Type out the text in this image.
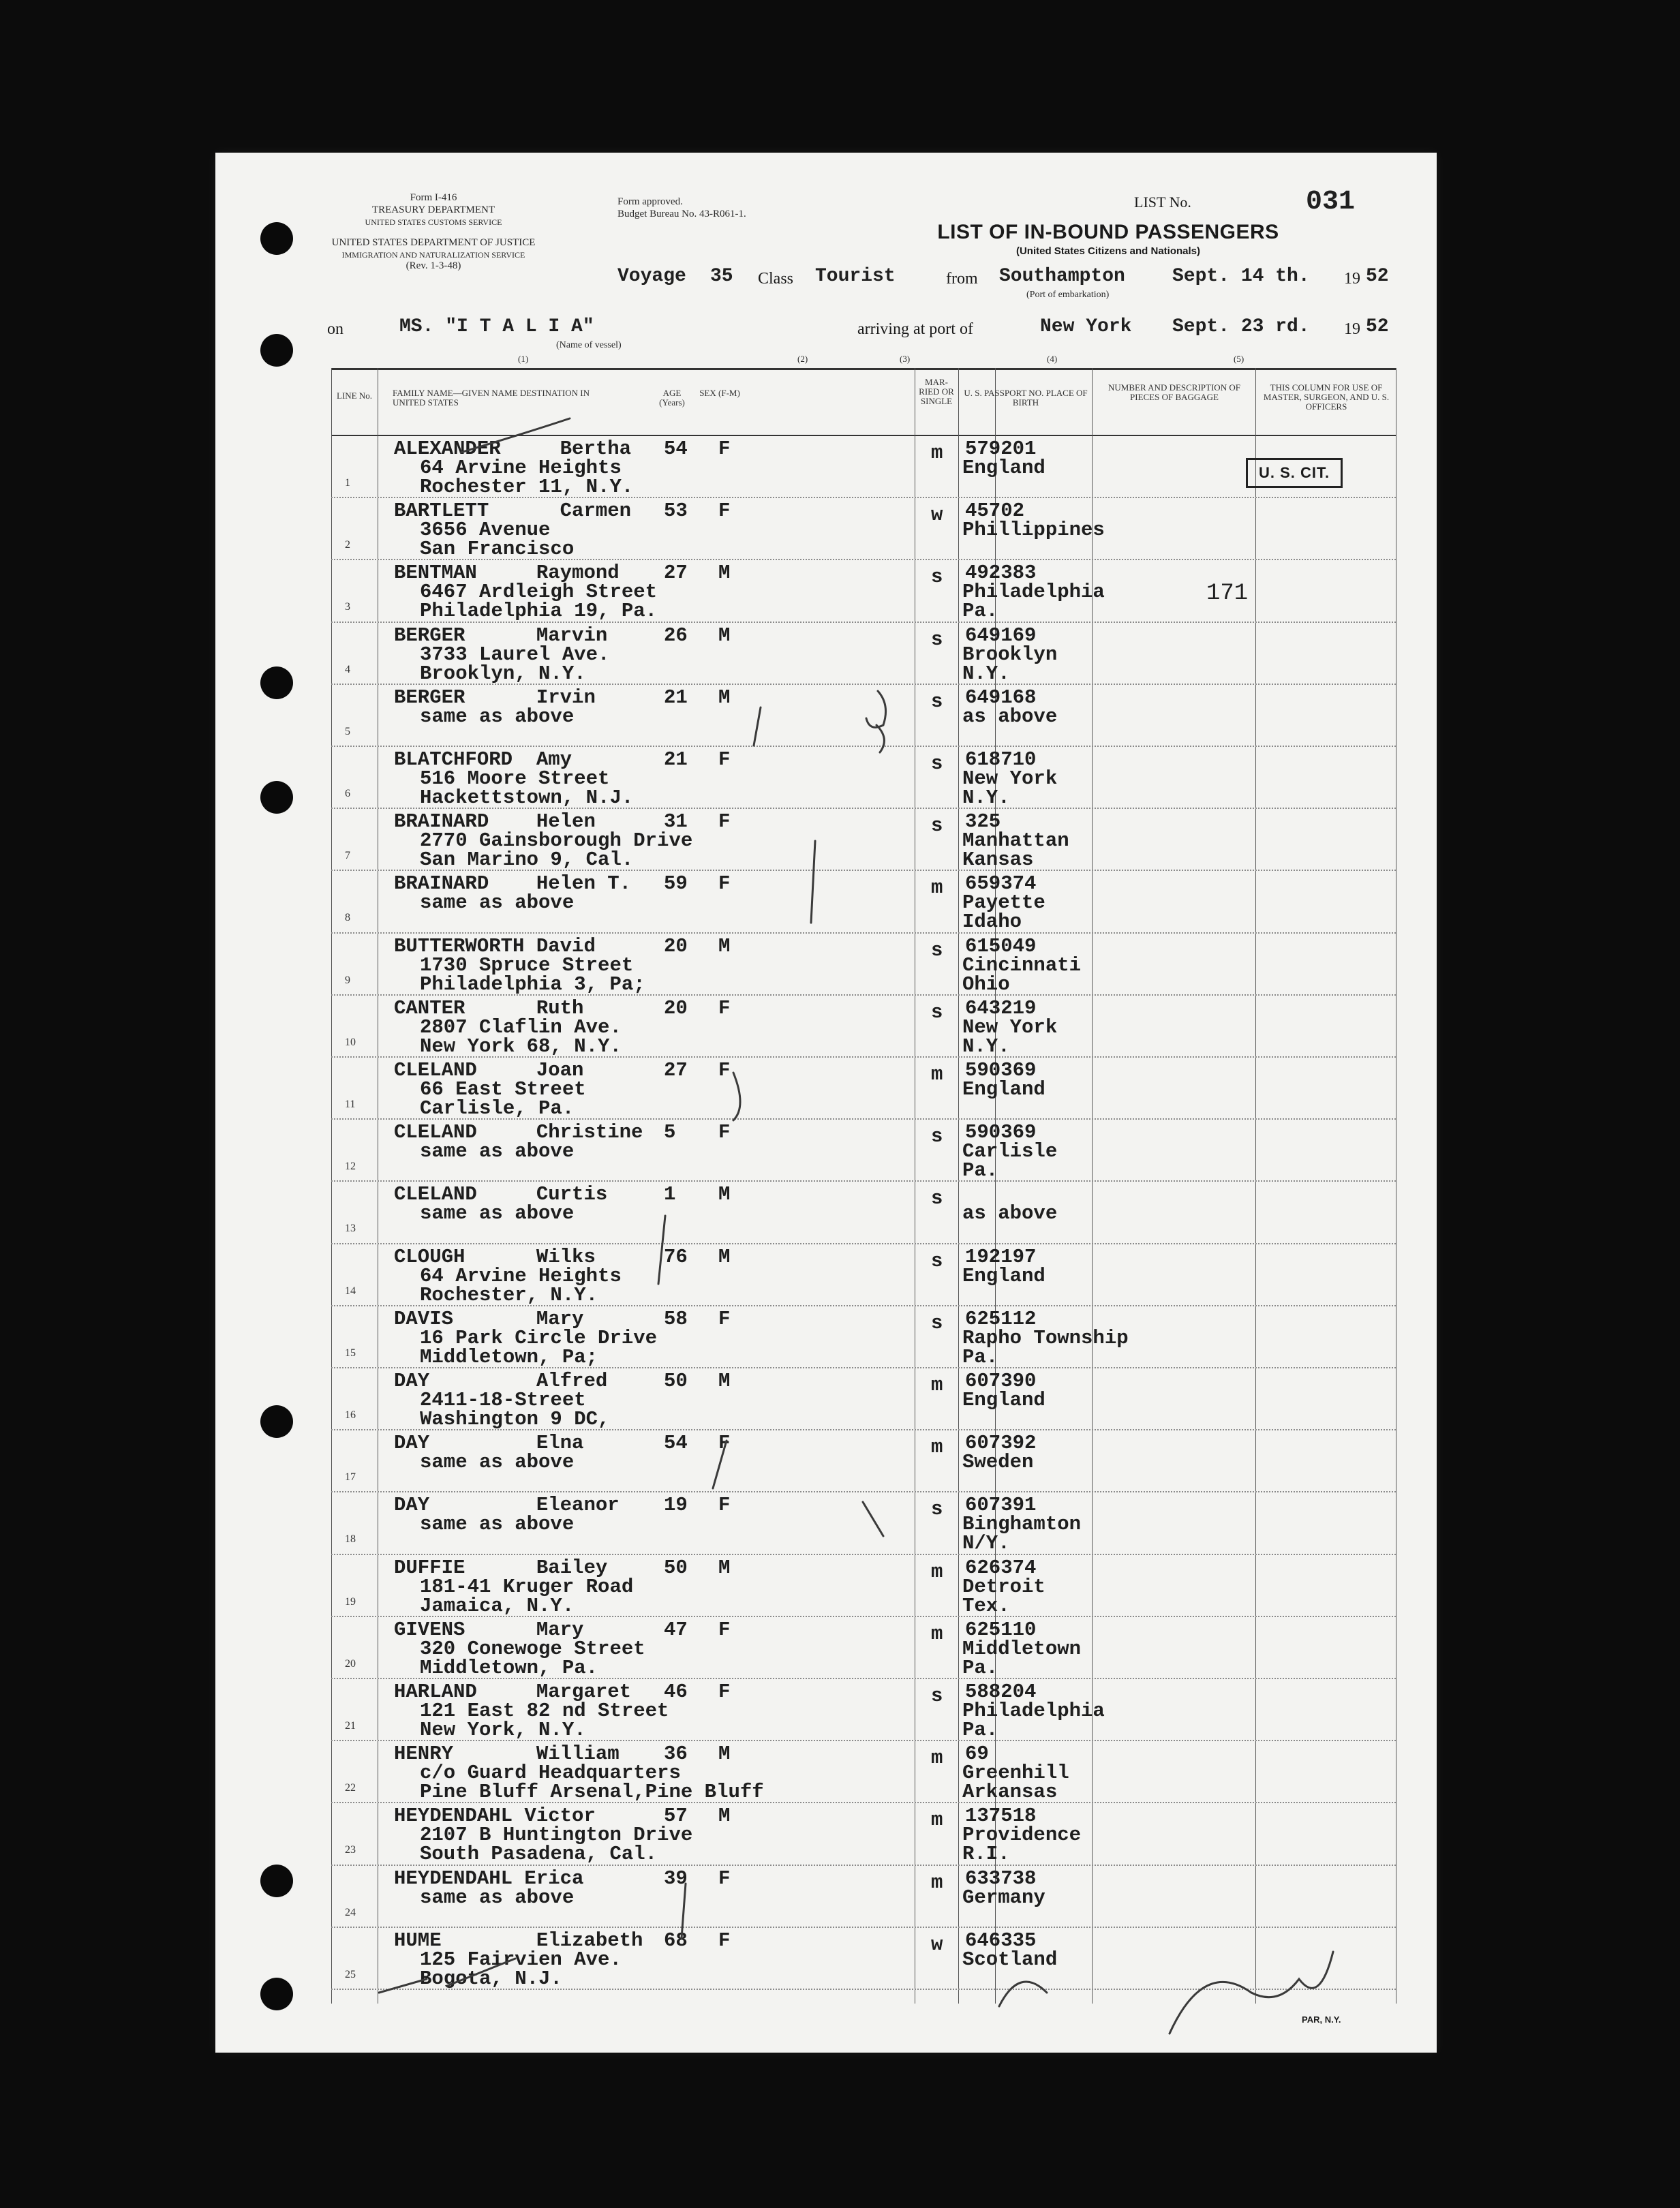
Form I-416
TREASURY DEPARTMENT
UNITED STATES CUSTOMS SERVICE
UNITED STATES DEPARTMENT OF JUSTICE
IMMIGRATION AND NATURALIZATION SERVICE
(Rev. 1-3-48)
Form approved.
Budget Bureau No. 43-R061-1.
LIST No.	031
LIST OF IN-BOUND PASSENGERS
(United States Citizens and Nationals)
Voyage 35 Class Tourist	from Southampton
(Port of embarkation)
Sept. 14 th. 19 52
on	MS. "I T A L I A"
(Name of vessel)
arriving at port of	New York Sept. 23 rd. 19 52
(1)	(2)	(3)	(4)	(5)
LINE No.	FAMILY NAME—GIVEN NAME DESTINATION IN UNITED STATES
AGE (Years)
SEX (F-M)
MAR-RIED OR SINGLE
U. S. PASSPORT NO. PLACE OF BIRTH
NUMBER AND DESCRIPTION OF PIECES OF BAGGAGE
THIS COLUMN FOR USE OF MASTER, SURGEON, AND U. S. OFFICERS
1
ALEXANDER     Bertha
64 Arvine Heights
Rochester 11, N.Y.
54 F	m 579201
England
2
BARTLETT      Carmen
3656 Avenue
San Francisco
53 F	w 45702
Phillippines
3
BENTMAN     Raymond
6467 Ardleigh Street
Philadelphia 19, Pa.
27 M	s 492383
Philadelphia
Pa.
4
BERGER      Marvin
3733 Laurel Ave.
Brooklyn, N.Y.
26 M	s 649169
Brooklyn
N.Y.
5
BERGER      Irvin
same as above
21 M	s 649168
as above
6
BLATCHFORD  Amy
516 Moore Street
Hackettstown, N.J.
21 F	s 618710
New York
N.Y.
7
BRAINARD    Helen
2770 Gainsborough Drive
San Marino 9, Cal.
31 F	s 325
Manhattan
Kansas
8
BRAINARD    Helen T.
same as above
59 F	m 659374
Payette
Idaho
9
BUTTERWORTH David
1730 Spruce Street
Philadelphia 3, Pa;
20 M	s 615049
Cincinnati
Ohio
10
CANTER      Ruth
2807 Claflin Ave.
New York 68, N.Y.
20 F	s 643219
New York
N.Y.
11
CLELAND     Joan
66 East Street
Carlisle, Pa.
27 F	m 590369
England
12
CLELAND     Christine
same as above
5 F	s 590369
Carlisle
Pa.
13
CLELAND     Curtis
same as above
1 M	s
as above
14
CLOUGH      Wilks
64 Arvine Heights
Rochester, N.Y.
76 M	s 192197
England
15
DAVIS       Mary
16 Park Circle Drive
Middletown, Pa;
58 F	s 625112
Rapho Township
Pa.
16
DAY         Alfred
2411-18-Street
Washington 9 DC,
50 M	m 607390
England
17
DAY         Elna
same as above
54 F	m 607392
Sweden
18
DAY         Eleanor
same as above
19 F	s 607391
Binghamton
N/Y.
19
DUFFIE      Bailey
181-41 Kruger Road
Jamaica, N.Y.
50 M	m 626374
Detroit
Tex.
20
GIVENS      Mary
320 Conewoge Street
Middletown, Pa.
47 F	m 625110
Middletown
Pa.
21
HARLAND     Margaret
121 East 82 nd Street
New York, N.Y.
46 F	s 588204
Philadelphia
Pa.
22
HENRY       William
c/o Guard Headquarters
Pine Bluff Arsenal,Pine Bluff
36 M	m 69
Greenhill
Arkansas
23
HEYDENDAHL Victor
2107 B Huntington Drive
South Pasadena, Cal.
57 M	m 137518
Providence
R.I.
24
HEYDENDAHL Erica
same as above
39 F	m 633738
Germany
25
HUME        Elizabeth
125 Fairvien Ave.
Bogota, N.J.
68 F	w 646335
Scotland
U. S. CIT.
171
PAR, N.Y.
